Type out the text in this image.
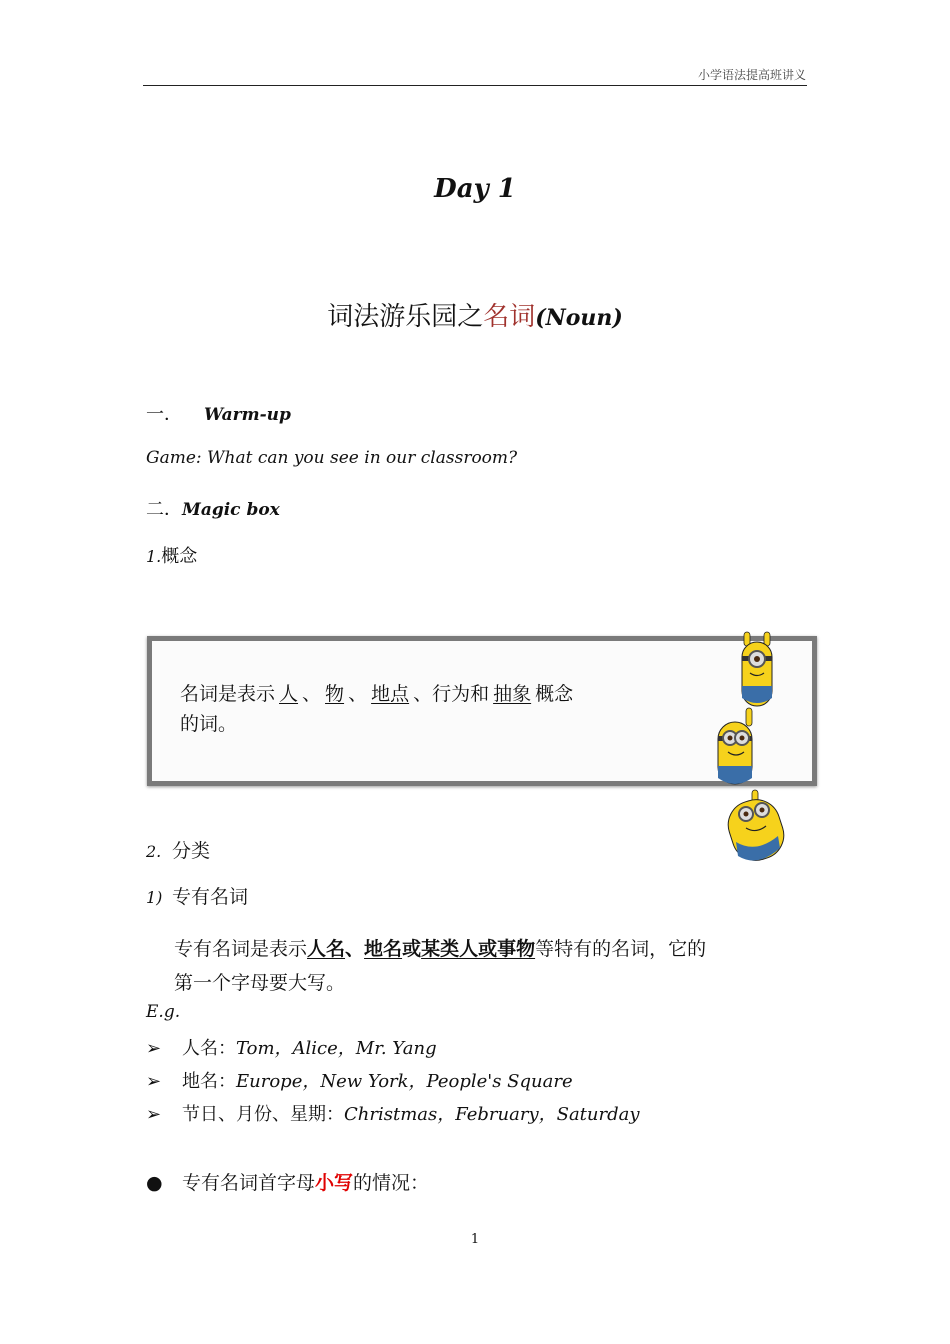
小学语法提高班讲义
Day 1
词法游乐园之名词(Noun)
一． Warm-up
Game: What can you see in our classroom?
二．Magic box
1.概念
名词是表示 人 、 物 、 地点 、行为和 抽象 概念
的词。
2. 分类
1) 专有名词
专有名词是表示人名、地名或某类人或事物等特有的名词，它的
第一个字母要大写。
E.g.
➢ 人名：Tom，Alice，Mr. Yang
➢ 地名：Europe，New York，People's Square
➢ 节日、月份、星期：Christmas，February，Saturday
● 专有名词首字母小写的情况：
1
